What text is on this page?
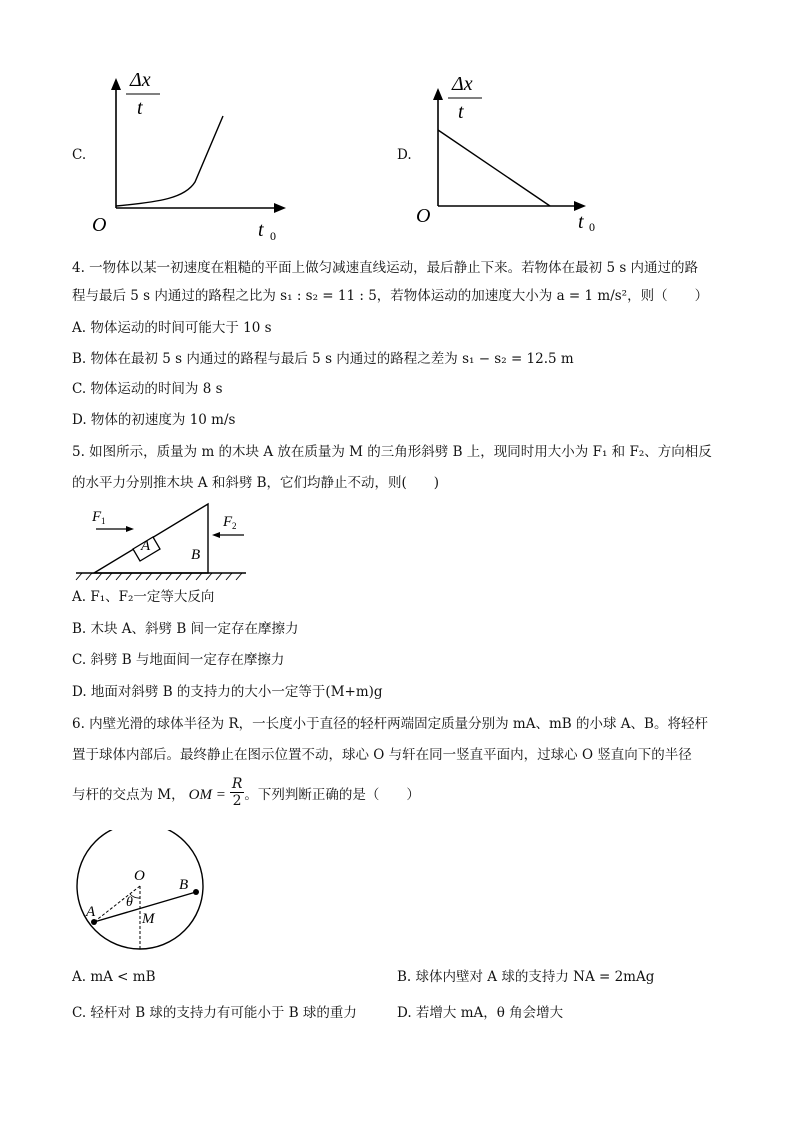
C.
Δx
t
O	t 0
D.
Δx
t
O	t 0
4. 一物体以某一初速度在粗糙的平面上做匀减速直线运动，最后静止下来。若物体在最初 5 s 内通过的路
程与最后 5 s 内通过的路程之比为 s₁ : s₂ = 11 : 5，若物体运动的加速度大小为 a = 1 m/s²，则（　　）
A. 物体运动的时间可能大于 10 s
B. 物体在最初 5 s 内通过的路程与最后 5 s 内通过的路程之差为 s₁ − s₂ = 12.5 m
C. 物体运动的时间为 8 s
D. 物体的初速度为 10 m/s
5. 如图所示，质量为 m 的木块 A 放在质量为 M 的三角形斜劈 B 上，现同时用大小为 F₁ 和 F₂、方向相反
的水平力分别推木块 A 和斜劈 B，它们均静止不动，则(　　)
F 1	F 2
A
B
A. F₁、F₂一定等大反向
B. 木块 A、斜劈 B 间一定存在摩擦力
C. 斜劈 B 与地面间一定存在摩擦力
D. 地面对斜劈 B 的支持力的大小一定等于(M+m)g
6. 内壁光滑的球体半径为 R，一长度小于直径的轻杆两端固定质量分别为 mA、mB 的小球 A、B。将轻杆
置于球体内部后。最终静止在图示位置不动，球心 O 与轩在同一竖直平面内，过球心 O 竖直向下的半径
与杆的交点为 M， OM = $\frac{R}{2}$ 。下列判断正确的是（　　）
O
θ
A
B
M
A. mA < mB	B. 球体内壁对 A 球的支持力 NA = 2mAg
C. 轻杆对 B 球的支持力有可能小于 B 球的重力	D. 若增大 mA，θ 角会增大
